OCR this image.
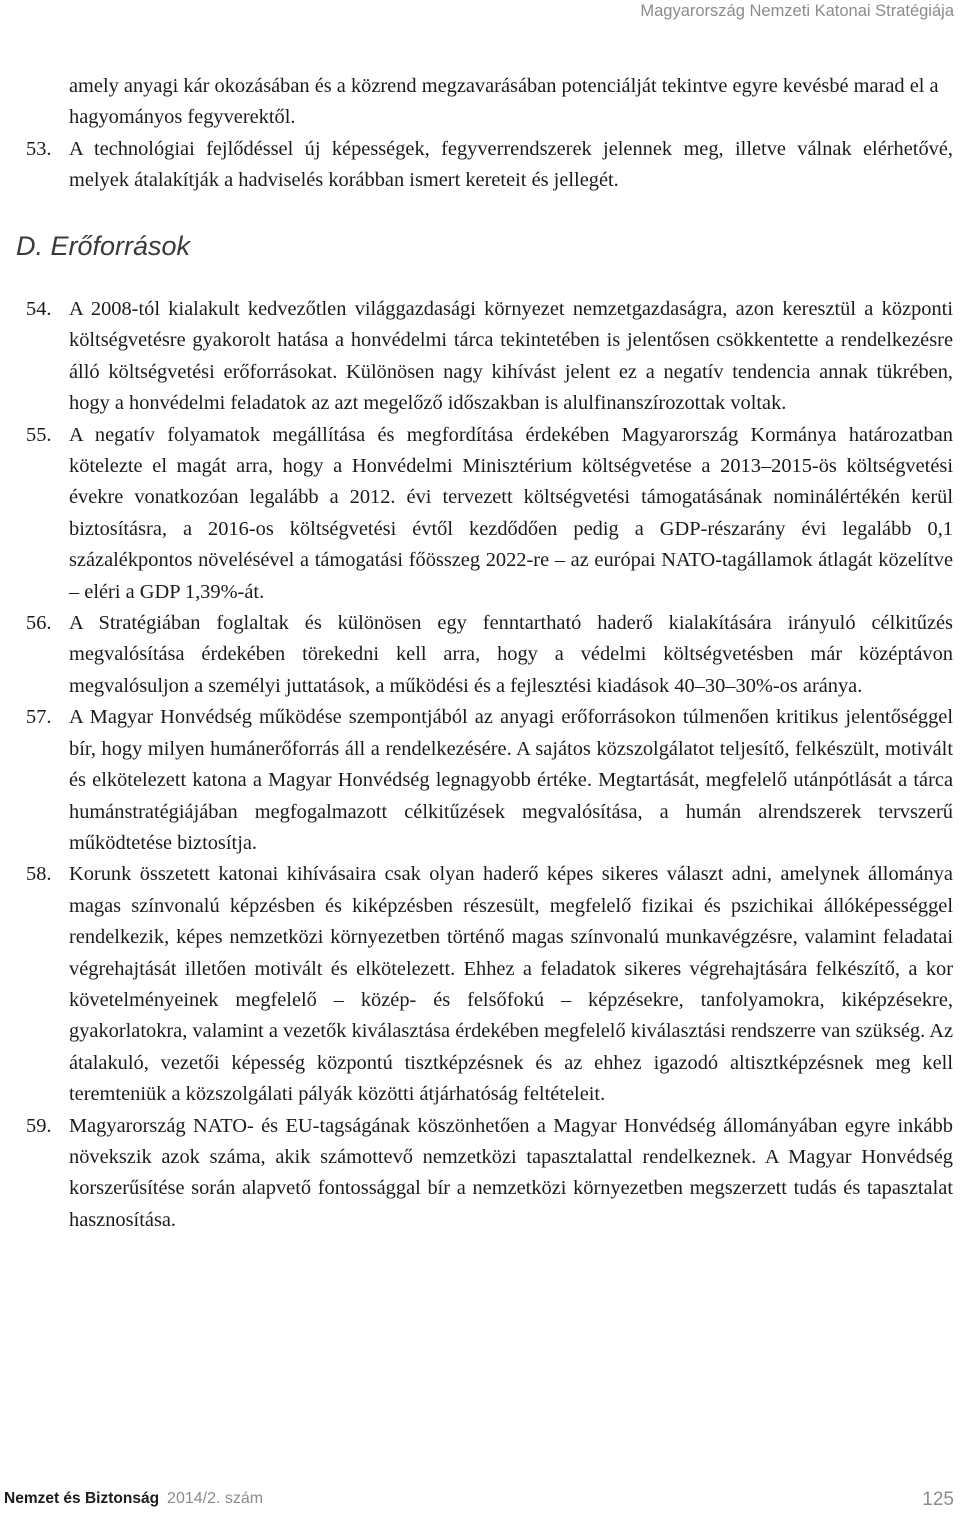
Magyarország Nemzeti Katonai Stratégiája
amely anyagi kár okozásában és a közrend megzavarásában potenciálját tekintve egyre kevésbé marad el a hagyományos fegyverektől.
53. A technológiai fejlődéssel új képességek, fegyverrendszerek jelennek meg, illetve válnak elérhetővé, melyek átalakítják a hadviselés korábban ismert kereteit és jellegét.
D. Erőforrások
54. A 2008-tól kialakult kedvezőtlen világgazdasági környezet nemzetgazdaságra, azon keresztül a központi költségvetésre gyakorolt hatása a honvédelmi tárca tekintetében is jelentősen csökkentette a rendelkezésre álló költségvetési erőforrásokat. Különösen nagy kihívást jelent ez a negatív tendencia annak tükrében, hogy a honvédelmi feladatok az azt megelőző időszakban is alulfinanszírozottak voltak.
55. A negatív folyamatok megállítása és megfordítása érdekében Magyarország Kormánya határozatban kötelezte el magát arra, hogy a Honvédelmi Minisztérium költségvetése a 2013–2015-ös költségvetési évekre vonatkozóan legalább a 2012. évi tervezett költségvetési támogatásának nominálértékén kerül biztosításra, a 2016-os költségvetési évtől kezdődően pedig a GDP-részarány évi legalább 0,1 százalékpontos növelésével a támogatási főösszeg 2022-re – az európai NATO-tagállamok átlagát közelítve – eléri a GDP 1,39%-át.
56. A Stratégiában foglaltak és különösen egy fenntartható haderő kialakítására irányuló célkitűzés megvalósítása érdekében törekedni kell arra, hogy a védelmi költségvetésben már középtávon megvalósuljon a személyi juttatások, a működési és a fejlesztési kiadások 40–30–30%-os aránya.
57. A Magyar Honvédség működése szempontjából az anyagi erőforrásokon túlmenően kritikus jelentőséggel bír, hogy milyen humánerőforrás áll a rendelkezésére. A sajátos közszolgálatot teljesítő, felkészült, motivált és elkötelezett katona a Magyar Honvédség legnagyobb értéke. Megtartását, megfelelő utánpótlását a tárca humánstratégiájában megfogalmazott célkitűzések megvalósítása, a humán alrendszerek tervszerű működtetése biztosítja.
58. Korunk összetett katonai kihívásaira csak olyan haderő képes sikeres választ adni, amelynek állománya magas színvonalú képzésben és kiképzésben részesült, megfelelő fizikai és pszichikai állóképességgel rendelkezik, képes nemzetközi környezetben történő magas színvonalú munkavégzésre, valamint feladatai végrehajtását illetően motivált és elkötelezett. Ehhez a feladatok sikeres végrehajtására felkészítő, a kor követelményeinek megfelelő – közép- és felsőfokú – képzésekre, tanfolyamokra, kiképzésekre, gyakorlatokra, valamint a vezetők kiválasztása érdekében megfelelő kiválasztási rendszerre van szükség. Az átalakuló, vezetői képesség központú tisztképzésnek és az ehhez igazodó altisztképzésnek meg kell teremteniük a közszolgálati pályák közötti átjárhatóság feltételeit.
59. Magyarország NATO- és EU-tagságának köszönhetően a Magyar Honvédség állományában egyre inkább növekszik azok száma, akik számottevő nemzetközi tapasztalattal rendelkeznek. A Magyar Honvédség korszerűsítése során alapvető fontossággal bír a nemzetközi környezetben megszerzett tudás és tapasztalat hasznosítása.
Nemzet és Biztonság 2014/2. szám	125
